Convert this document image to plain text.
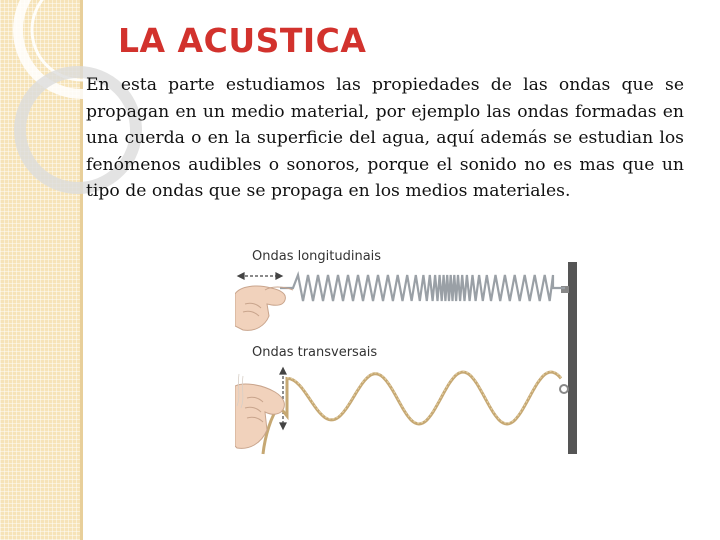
LA ACUSTICA

En esta parte estudiamos las propiedades de las ondas que se propagan en un medio material, por ejemplo las ondas formadas en una cuerda o en la superficie del agua, aquí además se estudian los fenómenos audibles o sonoros, porque el sonido no es mas que un tipo de ondas que se propaga en los medios materiales.

Ondas longitudinais
Ondas transversais
